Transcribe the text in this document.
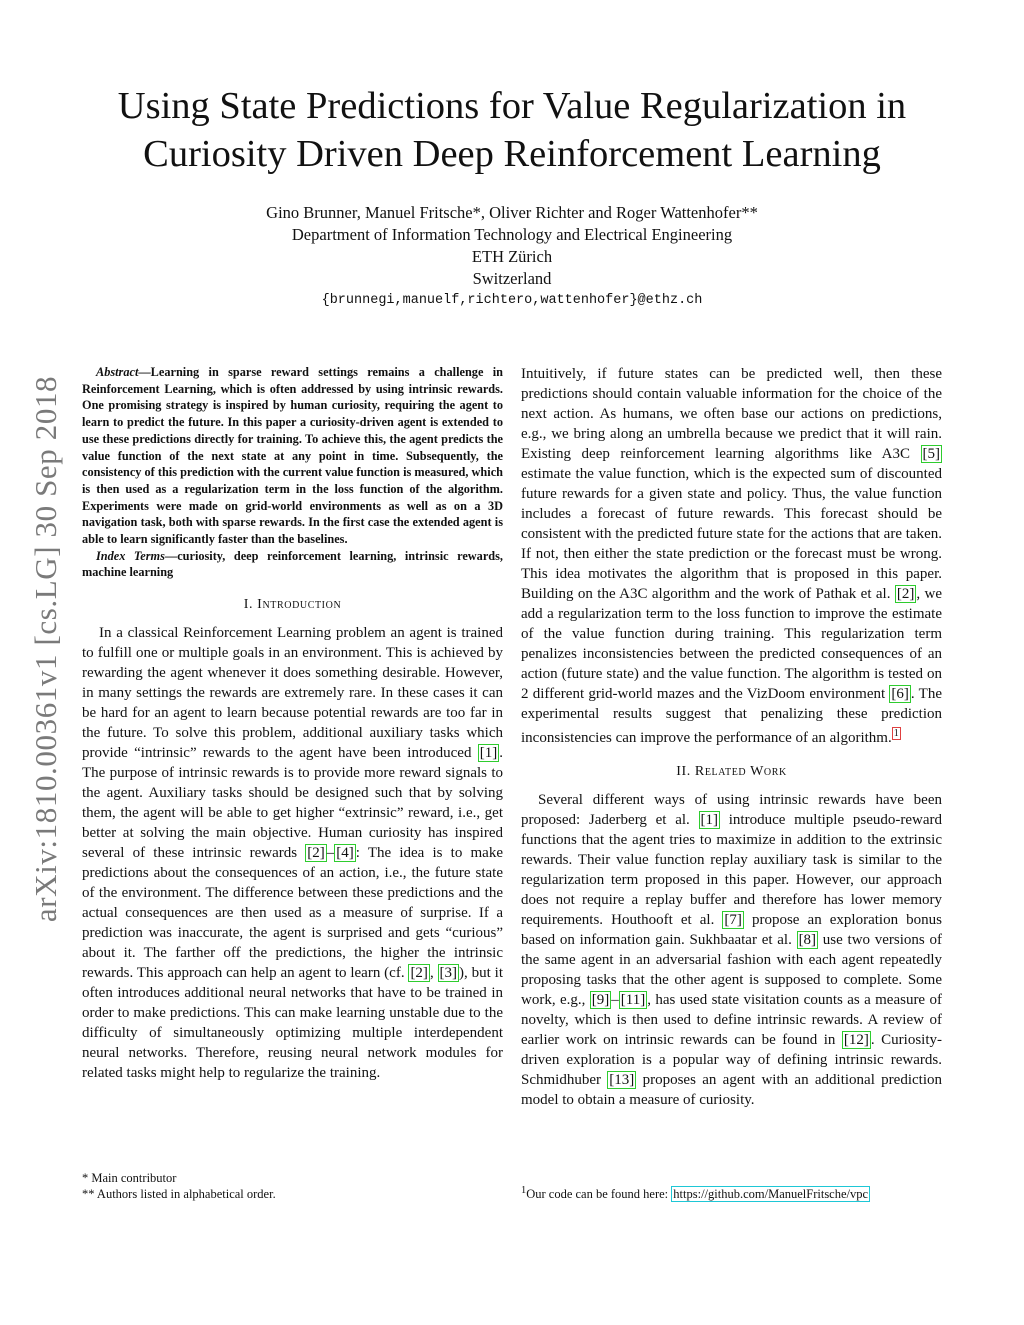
arXiv:1810.00361v1 [cs.LG] 30 Sep 2018
Using State Predictions for Value Regularization in Curiosity Driven Deep Reinforcement Learning
Gino Brunner, Manuel Fritsche*, Oliver Richter and Roger Wattenhofer**
Department of Information Technology and Electrical Engineering
ETH Zürich
Switzerland
{brunnegi,manuelf,richtero,wattenhofer}@ethz.ch

Abstract—Learning in sparse reward settings remains a challenge in Reinforcement Learning, which is often addressed by using intrinsic rewards. One promising strategy is inspired by human curiosity, requiring the agent to learn to predict the future. In this paper a curiosity-driven agent is extended to use these predictions directly for training. To achieve this, the agent predicts the value function of the next state at any point in time. Subsequently, the consistency of this prediction with the current value function is measured, which is then used as a regularization term in the loss function of the algorithm. Experiments were made on grid-world environments as well as on a 3D navigation task, both with sparse rewards. In the first case the extended agent is able to learn significantly faster than the baselines.

Index Terms—curiosity, deep reinforcement learning, intrinsic rewards, machine learning

I. Introduction

In a classical Reinforcement Learning problem an agent is trained to fulfill one or multiple goals in an environment. This is achieved by rewarding the agent whenever it does something desirable. However, in many settings the rewards are extremely rare. In these cases it can be hard for an agent to learn because potential rewards are too far in the future. To solve this problem, additional auxiliary tasks which provide “intrinsic” rewards to the agent have been introduced [1] . The purpose of intrinsic rewards is to provide more reward signals to the agent. Auxiliary tasks should be designed such that by solving them, the agent will be able to get higher “extrinsic” reward, i.e., get better at solving the main objective. Human curiosity has inspired several of these intrinsic rewards [2] – [4] : The idea is to make predictions about the consequences of an action, i.e., the future state of the environment. The difference between these predictions and the actual consequences are then used as a measure of surprise. If a prediction was inaccurate, the agent is surprised and gets “curious” about it. The farther off the predictions, the higher the intrinsic rewards. This approach can help an agent to learn (cf. [2] , [3] ), but it often introduces additional neural networks that have to be trained in order to make predictions. This can make learning unstable due to the difficulty of simultaneously optimizing multiple interdependent neural networks. Therefore, reusing neural network modules for related tasks might help to regularize the training.

* Main contributor
** Authors listed in alphabetical order.

Intuitively, if future states can be predicted well, then these predictions should contain valuable information for the choice of the next action. As humans, we often base our actions on predictions, e.g., we bring along an umbrella because we predict that it will rain. Existing deep reinforcement learning algorithms like A3C [5] estimate the value function, which is the expected sum of discounted future rewards for a given state and policy. Thus, the value function includes a forecast of future rewards. This forecast should be consistent with the predicted future state for the actions that are taken. If not, then either the state prediction or the forecast must be wrong. This idea motivates the algorithm that is proposed in this paper. Building on the A3C algorithm and the work of Pathak et al. [2] , we add a regularization term to the loss function to improve the estimate of the value function during training. This regularization term penalizes inconsistencies between the predicted consequences of an action (future state) and the value function. The algorithm is tested on 2 different grid-world mazes and the VizDoom environment [6] . The experimental results suggest that penalizing these prediction inconsistencies can improve the performance of an algorithm. $^1$

II. Related Work

Several different ways of using intrinsic rewards have been proposed: Jaderberg et al. [1] introduce multiple pseudo-reward functions that the agent tries to maximize in addition to the extrinsic rewards. Their value function replay auxiliary task is similar to the regularization term proposed in this paper. However, our approach does not require a replay buffer and therefore has lower memory requirements. Houthooft et al. [7] propose an exploration bonus based on information gain. Sukhbaatar et al. [8] use two versions of the same agent in an adversarial fashion with each agent repeatedly proposing tasks that the other agent is supposed to complete. Some work, e.g., [9] – [11] , has used state visitation counts as a measure of novelty, which is then used to define intrinsic rewards. A review of earlier work on intrinsic rewards can be found in [12] . Curiosity-driven exploration is a popular way of defining intrinsic rewards. Schmidhuber [13] proposes an agent with an additional prediction model to obtain a measure of curiosity.

$^1$Our code can be found here: https://github.com/ManuelFritsche/vpc
